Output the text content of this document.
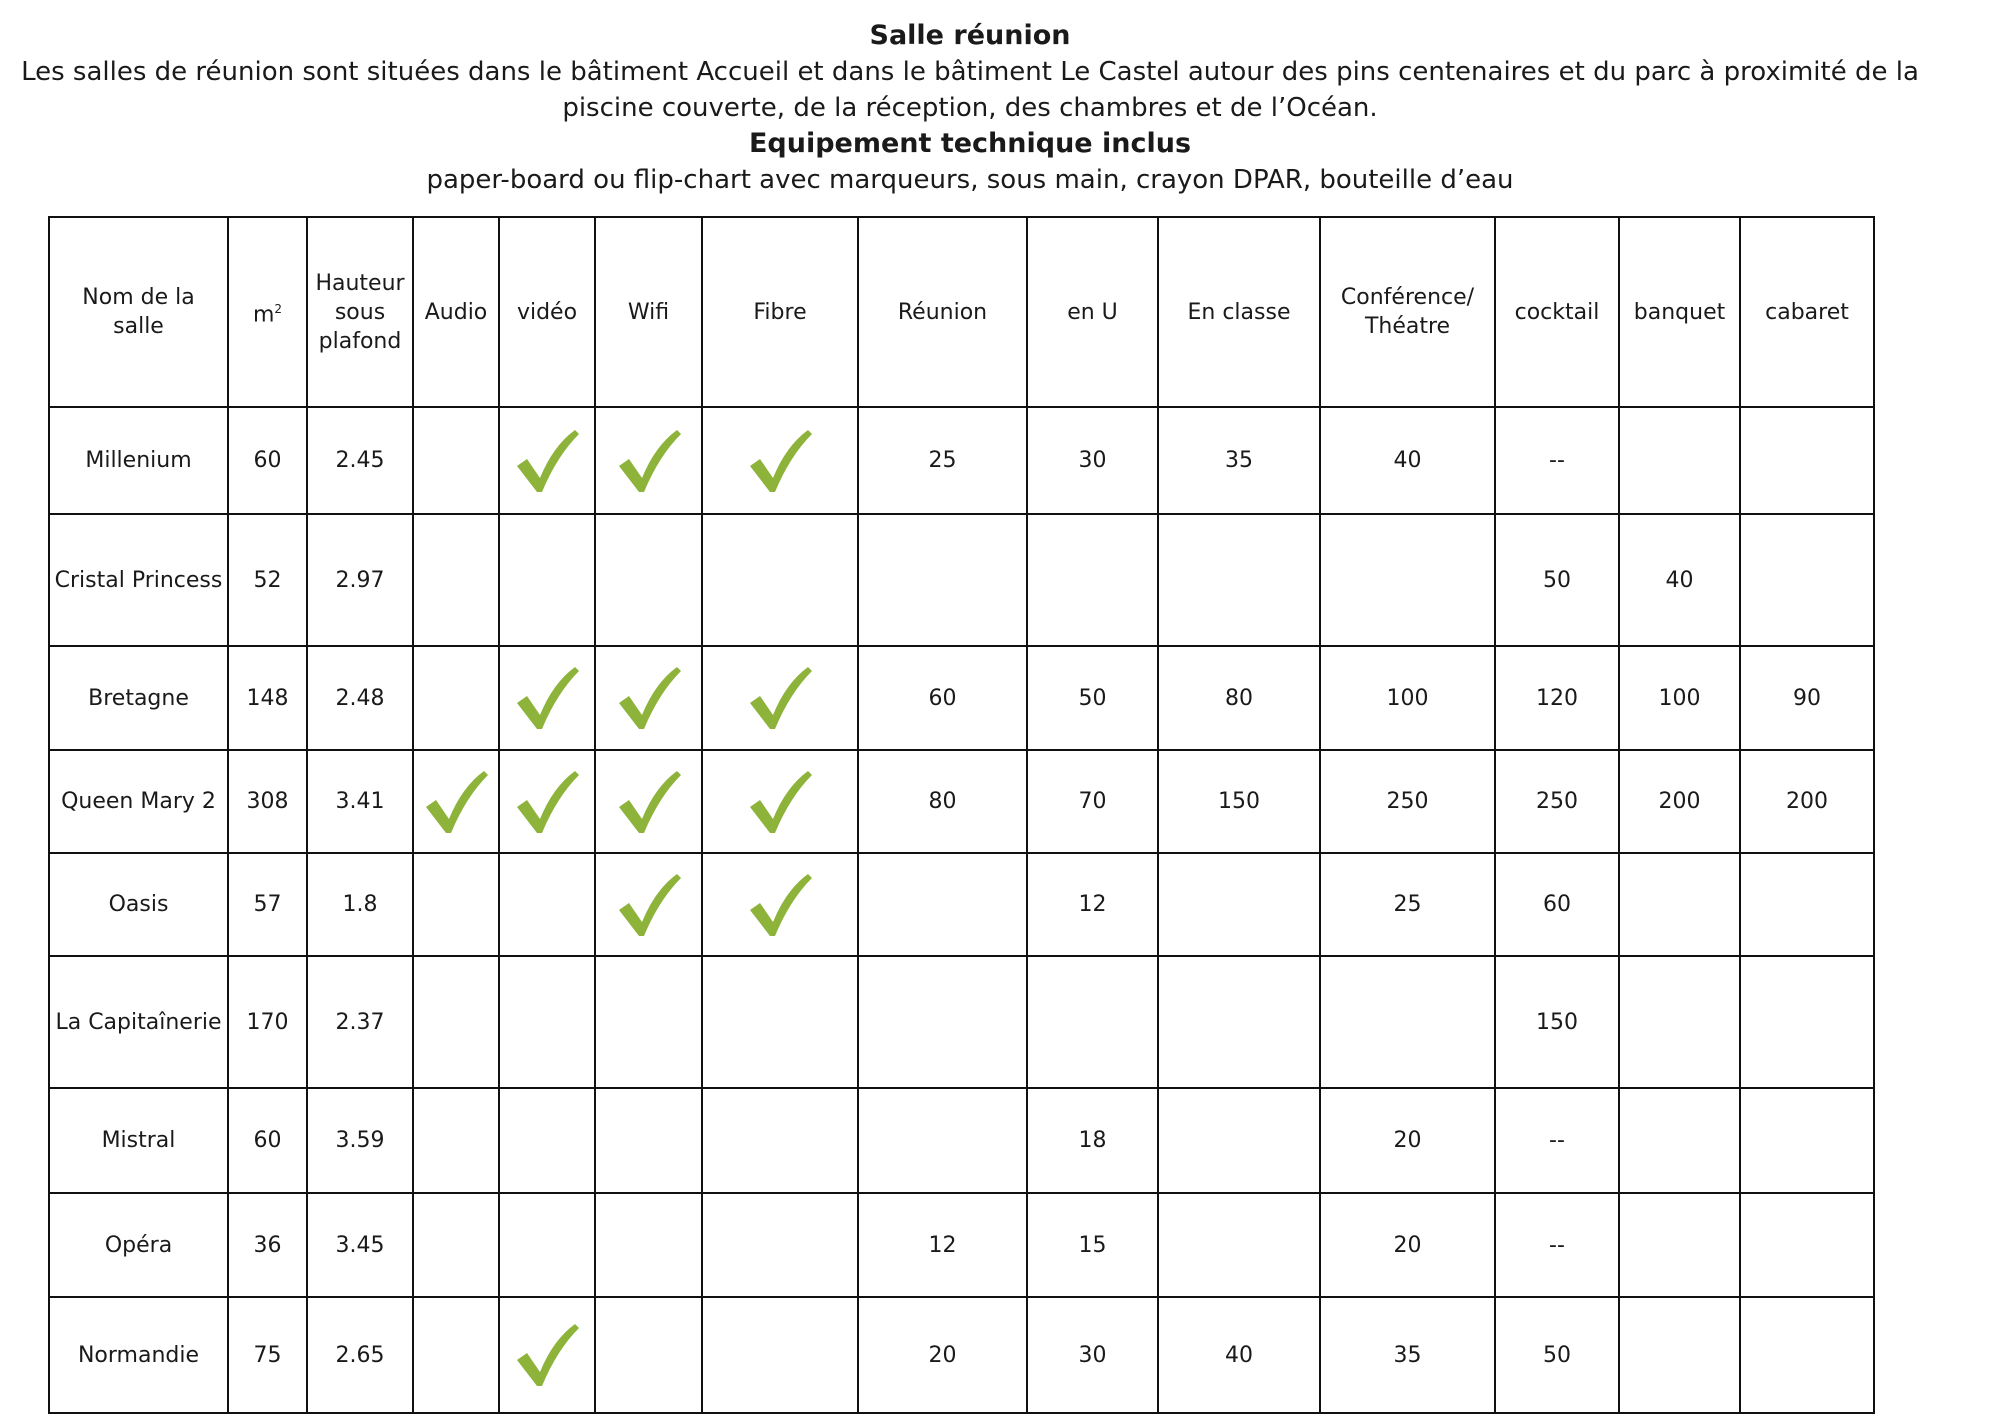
Salle réunion
Les salles de réunion sont situées dans le bâtiment Accueil et dans le bâtiment Le Castel autour des pins centenaires et du parc à proximité de la piscine couverte, de la réception, des chambres et de l’Océan.
Equipement technique inclus
paper-board ou flip-chart avec marqueurs, sous main, crayon DPAR, bouteille d’eau
Nom de la salle	$m^2$	Hauteur sous plafond	Audio	vidéo	Wifi	Fibre	Réunion	en U	En classe	Conférence/ Théatre	cocktail	banquet	cabaret
Millenium	60	2.45					25	30	35	40	--		
Cristal Princess	52	2.97									50	40	
Bretagne	148	2.48					60	50	80	100	120	100	90
Queen Mary 2	308	3.41					80	70	150	250	250	200	200
Oasis	57	1.8						12		25	60		
La Capitaînerie	170	2.37									150		
Mistral	60	3.59						18		20	--		
Opéra	36	3.45					12	15		20	--		
Normandie	75	2.65					20	30	40	35	50		
